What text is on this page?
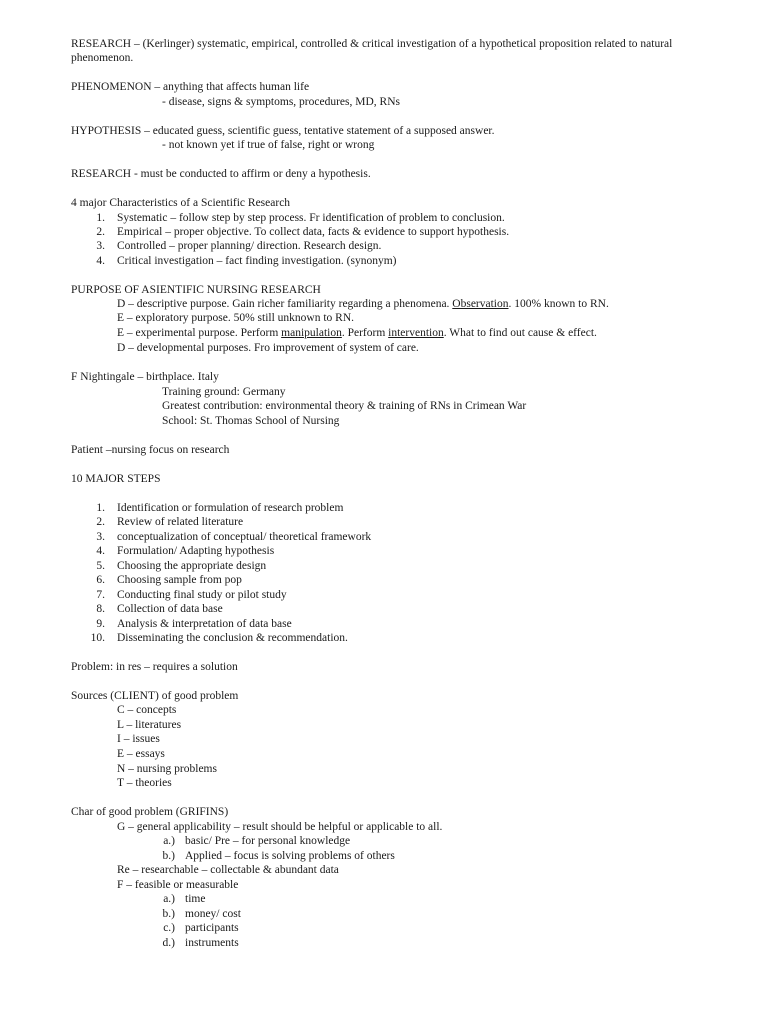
RESEARCH – (Kerlinger) systematic, empirical, controlled & critical investigation of a hypothetical proposition related to natural
phenomenon.
PHENOMENON – anything that affects human life
- disease, signs & symptoms, procedures, MD, RNs
HYPOTHESIS – educated guess, scientific guess, tentative statement of a supposed answer.
- not known yet if true of false, right or wrong
RESEARCH - must be conducted to affirm or deny a hypothesis.
4 major Characteristics of a Scientific Research
1. Systematic – follow step by step process. Fr identification of problem to conclusion.
2. Empirical – proper objective. To collect data, facts & evidence to support hypothesis.
3. Controlled – proper planning/ direction. Research design.
4. Critical investigation – fact finding investigation. (synonym)
PURPOSE OF ASIENTIFIC NURSING RESEARCH
D – descriptive purpose. Gain richer familiarity regarding a phenomena. Observation. 100% known to RN.
E – exploratory purpose. 50% still unknown to RN.
E – experimental purpose. Perform manipulation. Perform intervention. What to find out cause & effect.
D – developmental purposes. Fro improvement of system of care.
F Nightingale – birthplace. Italy
Training ground: Germany
Greatest contribution: environmental theory & training of RNs in Crimean War
School: St. Thomas School of Nursing
Patient –nursing focus on research
10 MAJOR STEPS
1. Identification or formulation of research problem
2. Review of related literature
3. conceptualization of conceptual/ theoretical framework
4. Formulation/ Adapting hypothesis
5. Choosing the appropriate design
6. Choosing sample from pop
7. Conducting final study or pilot study
8. Collection of data base
9. Analysis & interpretation of data base
10. Disseminating the conclusion & recommendation.
Problem: in res – requires a solution
Sources (CLIENT) of good problem
C – concepts
L – literatures
I – issues
E – essays
N – nursing problems
T – theories
Char of good problem (GRIFINS)
G – general applicability – result should be helpful or applicable to all.
a.) basic/ Pre – for personal knowledge
b.) Applied – focus is solving problems of others
Re – researchable – collectable & abundant data
F – feasible or measurable
a.) time
b.) money/ cost
c.) participants
d.) instruments
